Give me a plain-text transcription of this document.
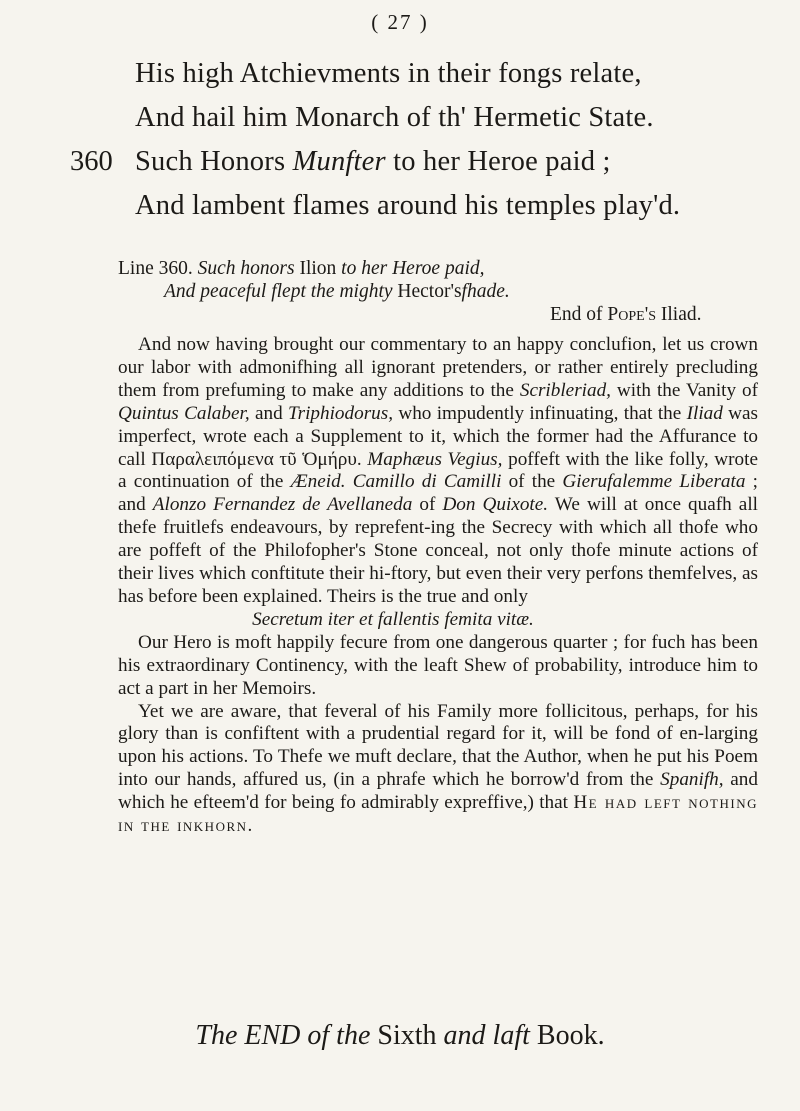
( 27 )
His high Atchievments in their fongs relate,
And hail him Monarch of th' Hermetic State.
360 Such Honors Munfter to her Heroe paid ;
And lambent flames around his temples play'd.
Line 360. Such honors Ilion to her Heroe paid,
And peaceful flept the mighty Hector'sfhade.
End of Pope's Iliad.

And now having brought our commentary to an happy conclufion, let us crown our labor with admonifhing all ignorant pretenders, or rather entirely precluding them from prefuming to make any additions to the Scribleriad, with the Vanity of Quintus Calaber, and Triphiodorus, who impudently infinuating, that the Iliad was imperfect, wrote each a Supplement to it, which the former had the Affurance to call Παραλειπόμενα τῦ Ὁμήρυ. Maphæus Vegius, poffeft with the like folly, wrote a continuation of the Æneid. Camillo di Camilli of the Gierufalemme Liberata ; and Alonzo Fernandez de Avellaneda of Don Quixote. We will at once quafh all thefe fruitlefs endeavours, by reprefent-ing the Secrecy with which all thofe who are poffeft of the Philofopher's Stone conceal, not only thofe minute actions of their lives which conftitute their hi-ftory, but even their very perfons themfelves, as has before been explained. Theirs is the true and only

Secretum iter et fallentis femita vitæ.

Our Hero is moft happily fecure from one dangerous quarter ; for fuch has been his extraordinary Continency, with the leaft Shew of probability, introduce him to act a part in her Memoirs.

Yet we are aware, that feveral of his Family more follicitous, perhaps, for his glory than is confiftent with a prudential regard for it, will be fond of en-larging upon his actions. To Thefe we muft declare, that the Author, when he put his Poem into our hands, affured us, (in a phrafe which he borrow'd from the Spanifh, and which he efteem'd for being fo admirably expreffive,) that He had left nothing in the inkhorn.

The END of the Sixth and laft Book.
